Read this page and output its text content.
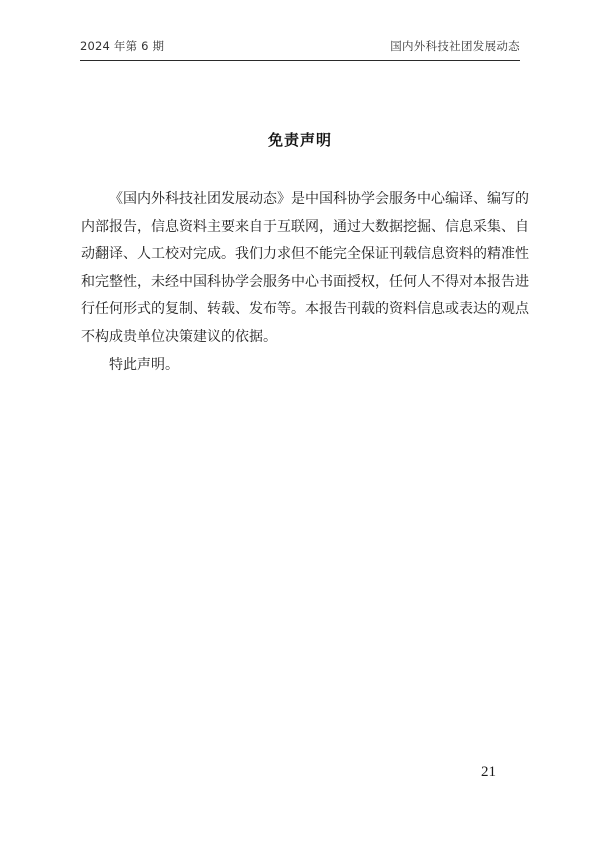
2024 年第 6 期	国内外科技社团发展动态
免责声明

《国内外科技社团发展动态》是中国科协学会服务中心编译、编写的
内部报告，信息资料主要来自于互联网，通过大数据挖掘、信息采集、自
动翻译、人工校对完成。我们力求但不能完全保证刊载信息资料的精准性
和完整性，未经中国科协学会服务中心书面授权，任何人不得对本报告进
行任何形式的复制、转载、发布等。本报告刊载的资料信息或表达的观点
不构成贵单位决策建议的依据。

特此声明。

21
